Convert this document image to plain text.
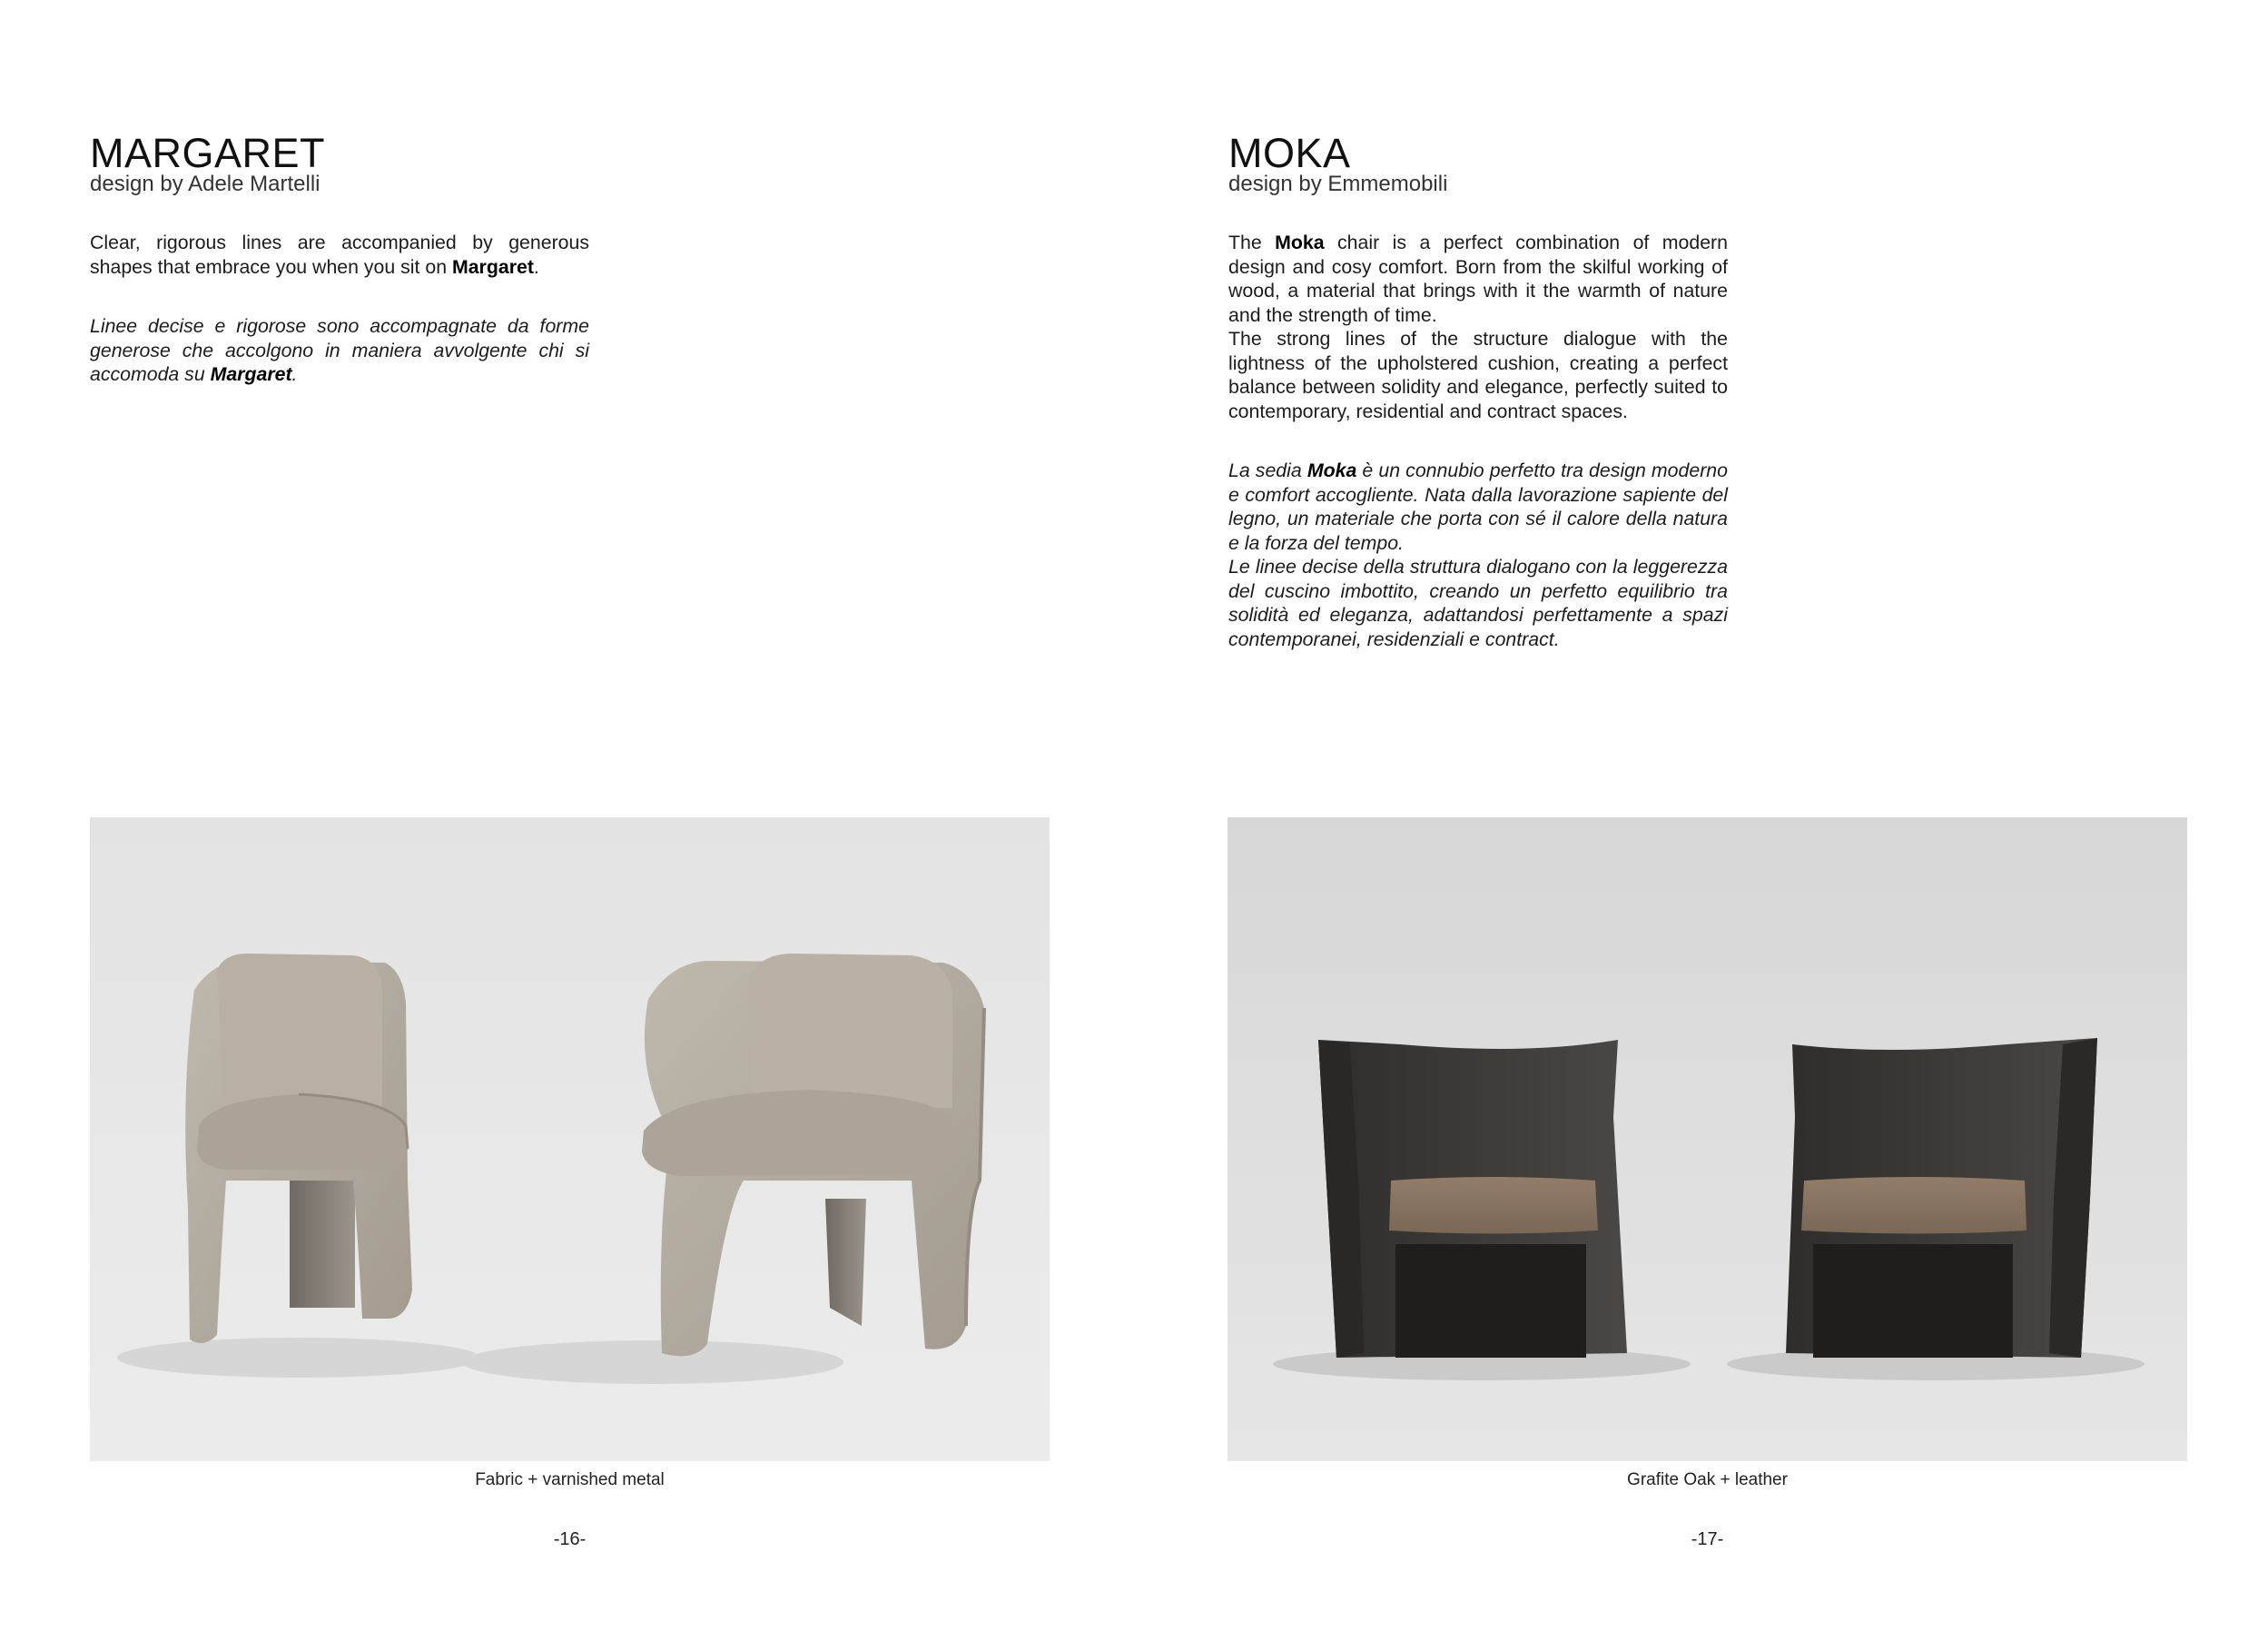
MARGARET
design by Adele Martelli

Clear, rigorous lines are accompanied by generous shapes that embrace you when you sit on Margaret.

Linee decise e rigorose sono accompagnate da forme generose che accolgono in maniera avvolgente chi si accomoda su Margaret.

Fabric + varnished metal
-16-
MOKA
design by Emmemobili

The Moka chair is a perfect combination of modern design and cosy comfort. Born from the skilful working of wood, a material that brings with it the warmth of nature and the strength of time.

The strong lines of the structure dialogue with the lightness of the upholstered cushion, creating a perfect balance between solidity and elegance, perfectly suited to contemporary, residential and contract spaces.

La sedia Moka è un connubio perfetto tra design moderno e comfort accogliente. Nata dalla lavorazione sapiente del legno, un materiale che porta con sé il calore della natura e la forza del tempo.

Le linee decise della struttura dialogano con la leggerezza del cuscino imbottito, creando un perfetto equilibrio tra solidità ed eleganza, adattandosi perfettamente a spazi contemporanei, residenziali e contract.

Grafite Oak + leather
-17-
